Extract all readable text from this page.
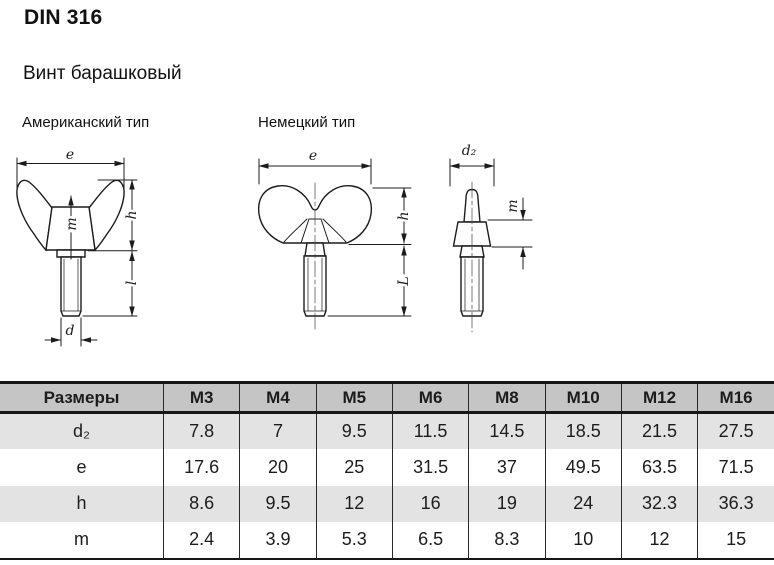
DIN 316
Винт барашковый
Американский тип	Немецкий тип
e
m
h
l
d
e
h
L
d₂
m
Размеры	M3	M4	M5	M6	M8	M10	M12	M16
d₂	7.8	7	9.5	11.5	14.5	18.5	21.5	27.5
e	17.6	20	25	31.5	37	49.5	63.5	71.5
h	8.6	9.5	12	16	19	24	32.3	36.3
m	2.4	3.9	5.3	6.5	8.3	10	12	15
